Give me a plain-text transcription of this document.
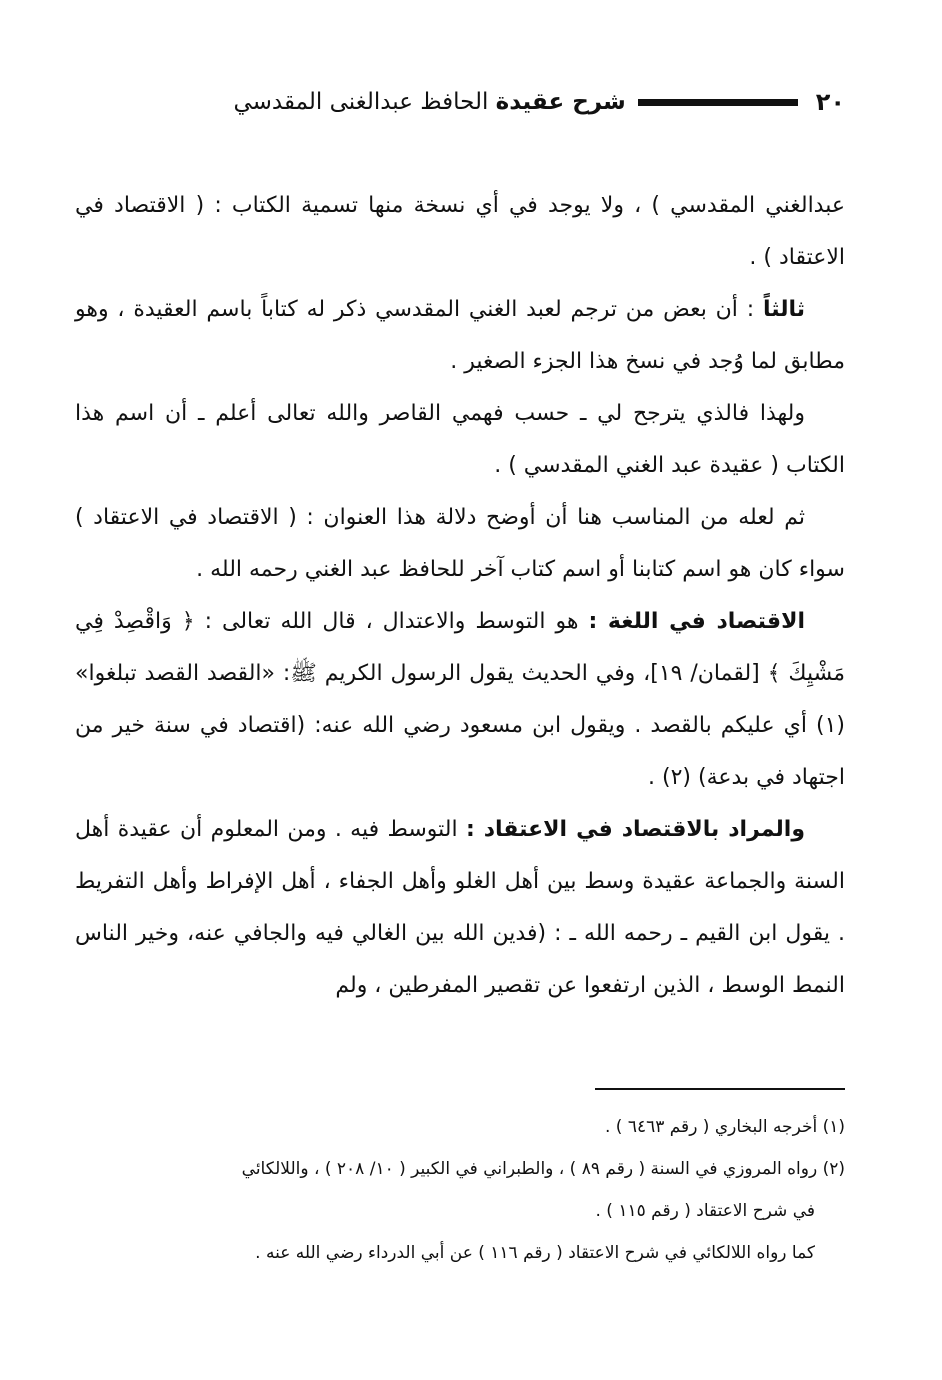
٢٠
شرح عقيدة الحافظ عبدالغنى المقدسي

عبدالغني المقدسي ) ، ولا يوجد في أي نسخة منها تسمية الكتاب : ( الاقتصاد في الاعتقاد ) .

ثالثاً : أن بعض من ترجم لعبد الغني المقدسي ذكر له كتاباً باسم العقيدة ، وهو مطابق لما وُجد في نسخ هذا الجزء الصغير .

ولهذا فالذي يترجح لي ـ حسب فهمي القاصر والله تعالى أعلم ـ أن اسم هذا الكتاب ( عقيدة عبد الغني المقدسي ) .

ثم لعله من المناسب هنا أن أوضح دلالة هذا العنوان : ( الاقتصاد في الاعتقاد ) سواء كان هو اسم كتابنا أو اسم كتاب آخر للحافظ عبد الغني رحمه الله .

الاقتصاد في اللغة : هو التوسط والاعتدال ، قال الله تعالى : ﴿ وَاقْصِدْ فِي مَشْيِكَ ﴾ [لقمان/ ١٩]، وفي الحديث يقول الرسول الكريم ﷺ: «القصد القصد تبلغوا» (١) أي عليكم بالقصد . ويقول ابن مسعود رضي الله عنه: (اقتصاد في سنة خير من اجتهاد في بدعة) (٢) .

والمراد بالاقتصاد في الاعتقاد : التوسط فيه . ومن المعلوم أن عقيدة أهل السنة والجماعة عقيدة وسط بين أهل الغلو وأهل الجفاء ، أهل الإفراط وأهل التفريط . يقول ابن القيم ـ رحمه الله ـ : (فدين الله بين الغالي فيه والجافي عنه، وخير الناس النمط الوسط ، الذين ارتفعوا عن تقصير المفرطين ، ولم

(١) أخرجه البخاري ( رقم ٦٤٦٣ ) .

(٢) رواه المروزي في السنة ( رقم ٨٩ ) ، والطبراني في الكبير ( ١٠/ ٢٠٨ ) ، واللالكائي

في شرح الاعتقاد ( رقم ١١٥ ) .

كما رواه اللالكائي في شرح الاعتقاد ( رقم ١١٦ ) عن أبي الدرداء رضي الله عنه .
